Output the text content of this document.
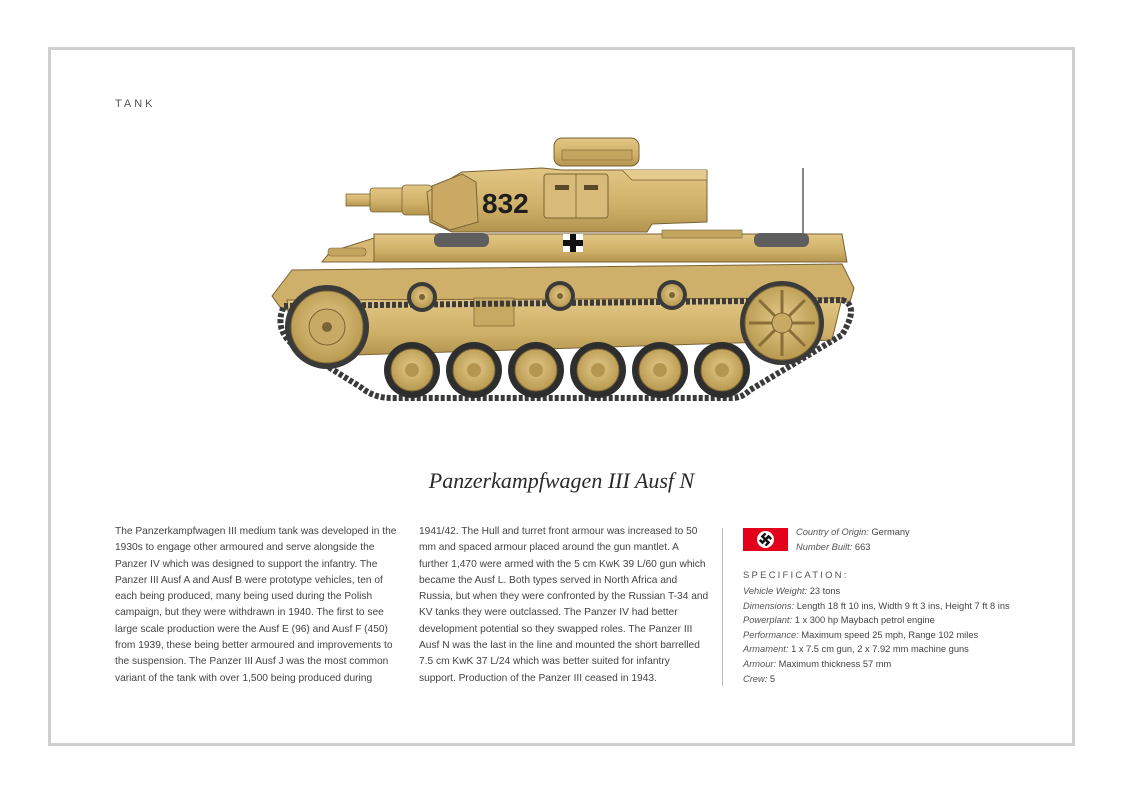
TANK
832
Panzerkampfwagen III Ausf N
The Panzerkampfwagen III medium tank was developed in the 1930s to engage other armoured and serve alongside the Panzer IV which was designed to support the infantry. The Panzer III Ausf A and Ausf B were prototype vehicles, ten of each being produced, many being used during the Polish campaign, but they were withdrawn in 1940. The first to see large scale production were the Ausf E (96) and Ausf F (450) from 1939, these being better armoured and improvements to the suspension. The Panzer III Ausf J was the most common variant of the tank with over 1,500 being produced during
1941/42. The Hull and turret front armour was increased to 50 mm and spaced armour placed around the gun mantlet. A further 1,470 were armed with the 5 cm KwK 39 L/60 gun which became the Ausf L. Both types served in North Africa and Russia, but when they were confronted by the Russian T-34 and KV tanks they were outclassed. The Panzer IV had better development potential so they swapped roles. The Panzer III Ausf N was the last in the line and mounted the short barrelled 7.5 cm KwK 37 L/24 which was better suited for infantry support. Production of the Panzer III ceased in 1943.
Country of Origin: Germany
Number Built: 663
SPECIFICATION:
Vehicle Weight: 23 tons
Dimensions: Length 18 ft 10 ins, Width 9 ft 3 ins, Height 7 ft 8 ins
Powerplant: 1 x 300 hp Maybach petrol engine
Performance: Maximum speed 25 mph, Range 102 miles
Armament: 1 x 7.5 cm gun, 2 x 7.92 mm machine guns
Armour: Maximum thickness 57 mm
Crew: 5
